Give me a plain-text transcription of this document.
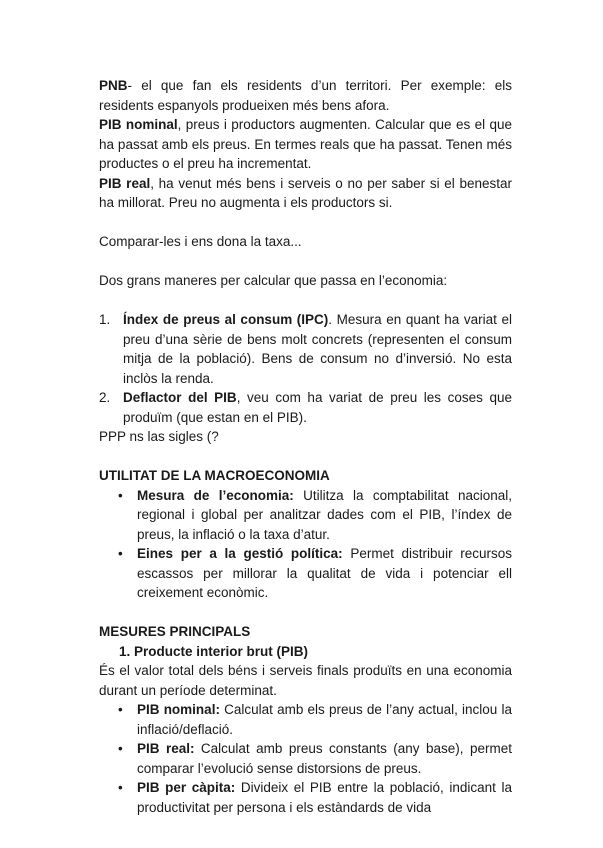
PNB- el que fan els residents d’un territori. Per exemple: els residents espanyols produeixen més bens afora.

PIB nominal, preus i productors augmenten. Calcular que es el que ha passat amb els preus. En termes reals que ha passat. Tenen més productes o el preu ha incrementat.

PIB real, ha venut més bens i serveis o no per saber si el benestar ha millorat. Preu no augmenta i els productors si.

Comparar-les i ens dona la taxa...

Dos grans maneres per calcular que passa en l’economia:

1. Índex de preus al consum (IPC). Mesura en quant ha variat el preu d’una sèrie de bens molt concrets (representen el consum mitja de la població). Bens de consum no d’inversió. No esta inclòs la renda.
2. Deflactor del PIB, veu com ha variat de preu les coses que produïm (que estan en el PIB).

PPP ns las sigles (?

UTILITAT DE LA MACROECONOMIA

• Mesura de l’economia: Utilitza la comptabilitat nacional, regional i global per analitzar dades com el PIB, l’índex de preus, la inflació o la taxa d’atur.
• Eines per a la gestió política: Permet distribuir recursos escassos per millorar la qualitat de vida i potenciar ell creixement econòmic.

MESURES PRINCIPALS

1. Producte interior brut (PIB)

És el valor total dels béns i serveis finals produïts en una economia durant un període determinat.

• PIB nominal: Calculat amb els preus de l’any actual, inclou la inflació/deflació.
• PIB real: Calculat amb preus constants (any base), permet comparar l’evolució sense distorsions de preus.
• PIB per càpita: Divideix el PIB entre la població, indicant la productivitat per persona i els estàndards de vida
